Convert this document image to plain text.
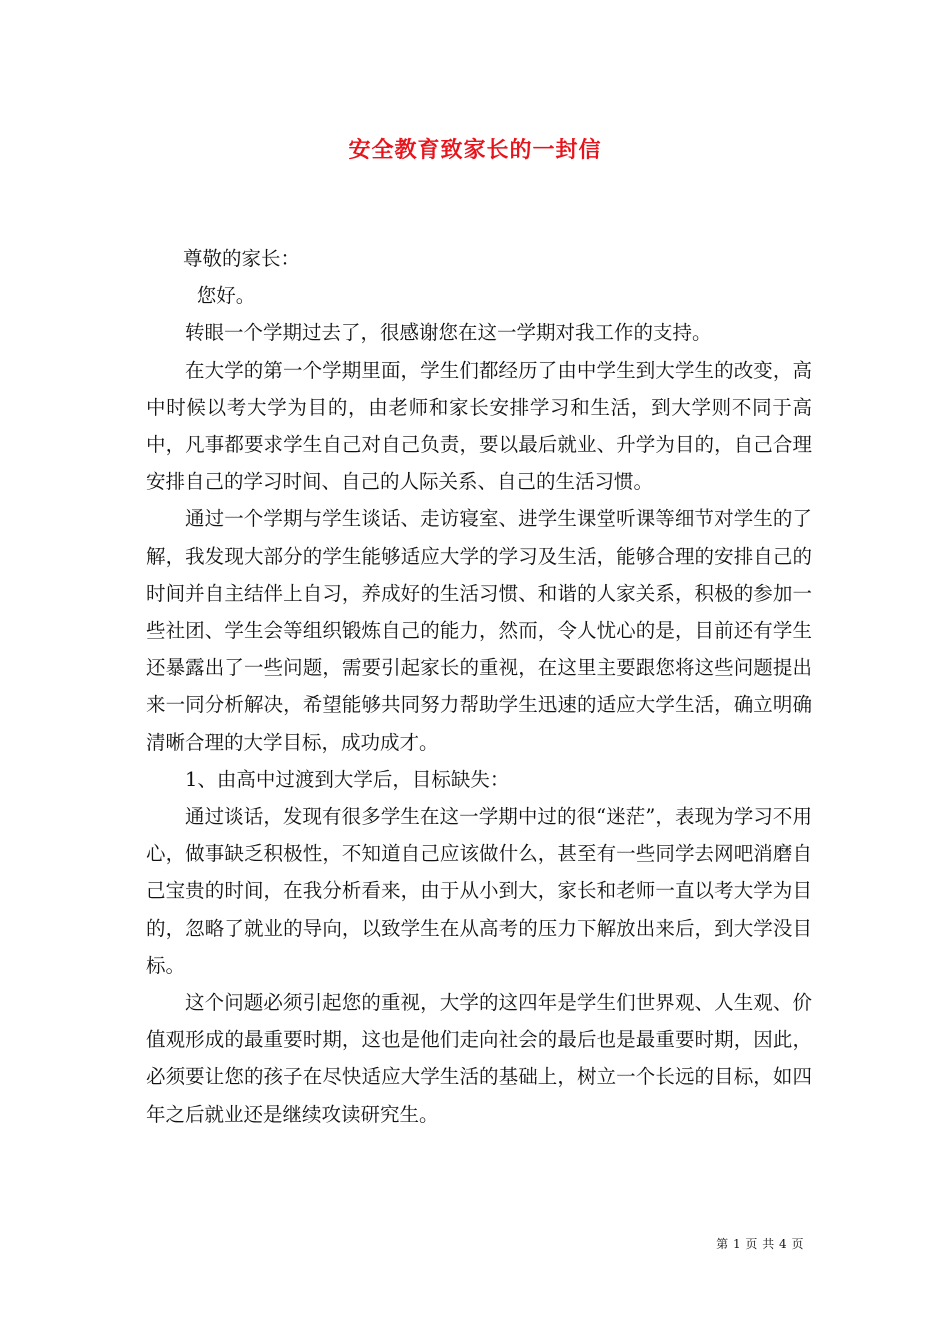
安全教育致家长的一封信

尊敬的家长：

您好。

转眼一个学期过去了，很感谢您在这一学期对我工作的支持。

在大学的第一个学期里面，学生们都经历了由中学生到大学生的改变，高中时候以考大学为目的，由老师和家长安排学习和生活，到大学则不同于高中，凡事都要求学生自己对自己负责，要以最后就业、升学为目的，自己合理安排自己的学习时间、自己的人际关系、自己的生活习惯。

通过一个学期与学生谈话、走访寝室、进学生课堂听课等细节对学生的了解，我发现大部分的学生能够适应大学的学习及生活，能够合理的安排自己的时间并自主结伴上自习，养成好的生活习惯、和谐的人家关系，积极的参加一些社团、学生会等组织锻炼自己的能力，然而，令人忧心的是，目前还有学生还暴露出了一些问题，需要引起家长的重视，在这里主要跟您将这些问题提出来一同分析解决，希望能够共同努力帮助学生迅速的适应大学生活，确立明确清晰合理的大学目标，成功成才。

1、由高中过渡到大学后，目标缺失：

通过谈话，发现有很多学生在这一学期中过的很“迷茫”，表现为学习不用心，做事缺乏积极性，不知道自己应该做什么，甚至有一些同学去网吧消磨自己宝贵的时间，在我分析看来，由于从小到大，家长和老师一直以考大学为目的，忽略了就业的导向，以致学生在从高考的压力下解放出来后，到大学没目标。

这个问题必须引起您的重视，大学的这四年是学生们世界观、人生观、价值观形成的最重要时期，这也是他们走向社会的最后也是最重要时期，因此，必须要让您的孩子在尽快适应大学生活的基础上，树立一个长远的目标，如四年之后就业还是继续攻读研究生。

第 1 页 共 4 页
